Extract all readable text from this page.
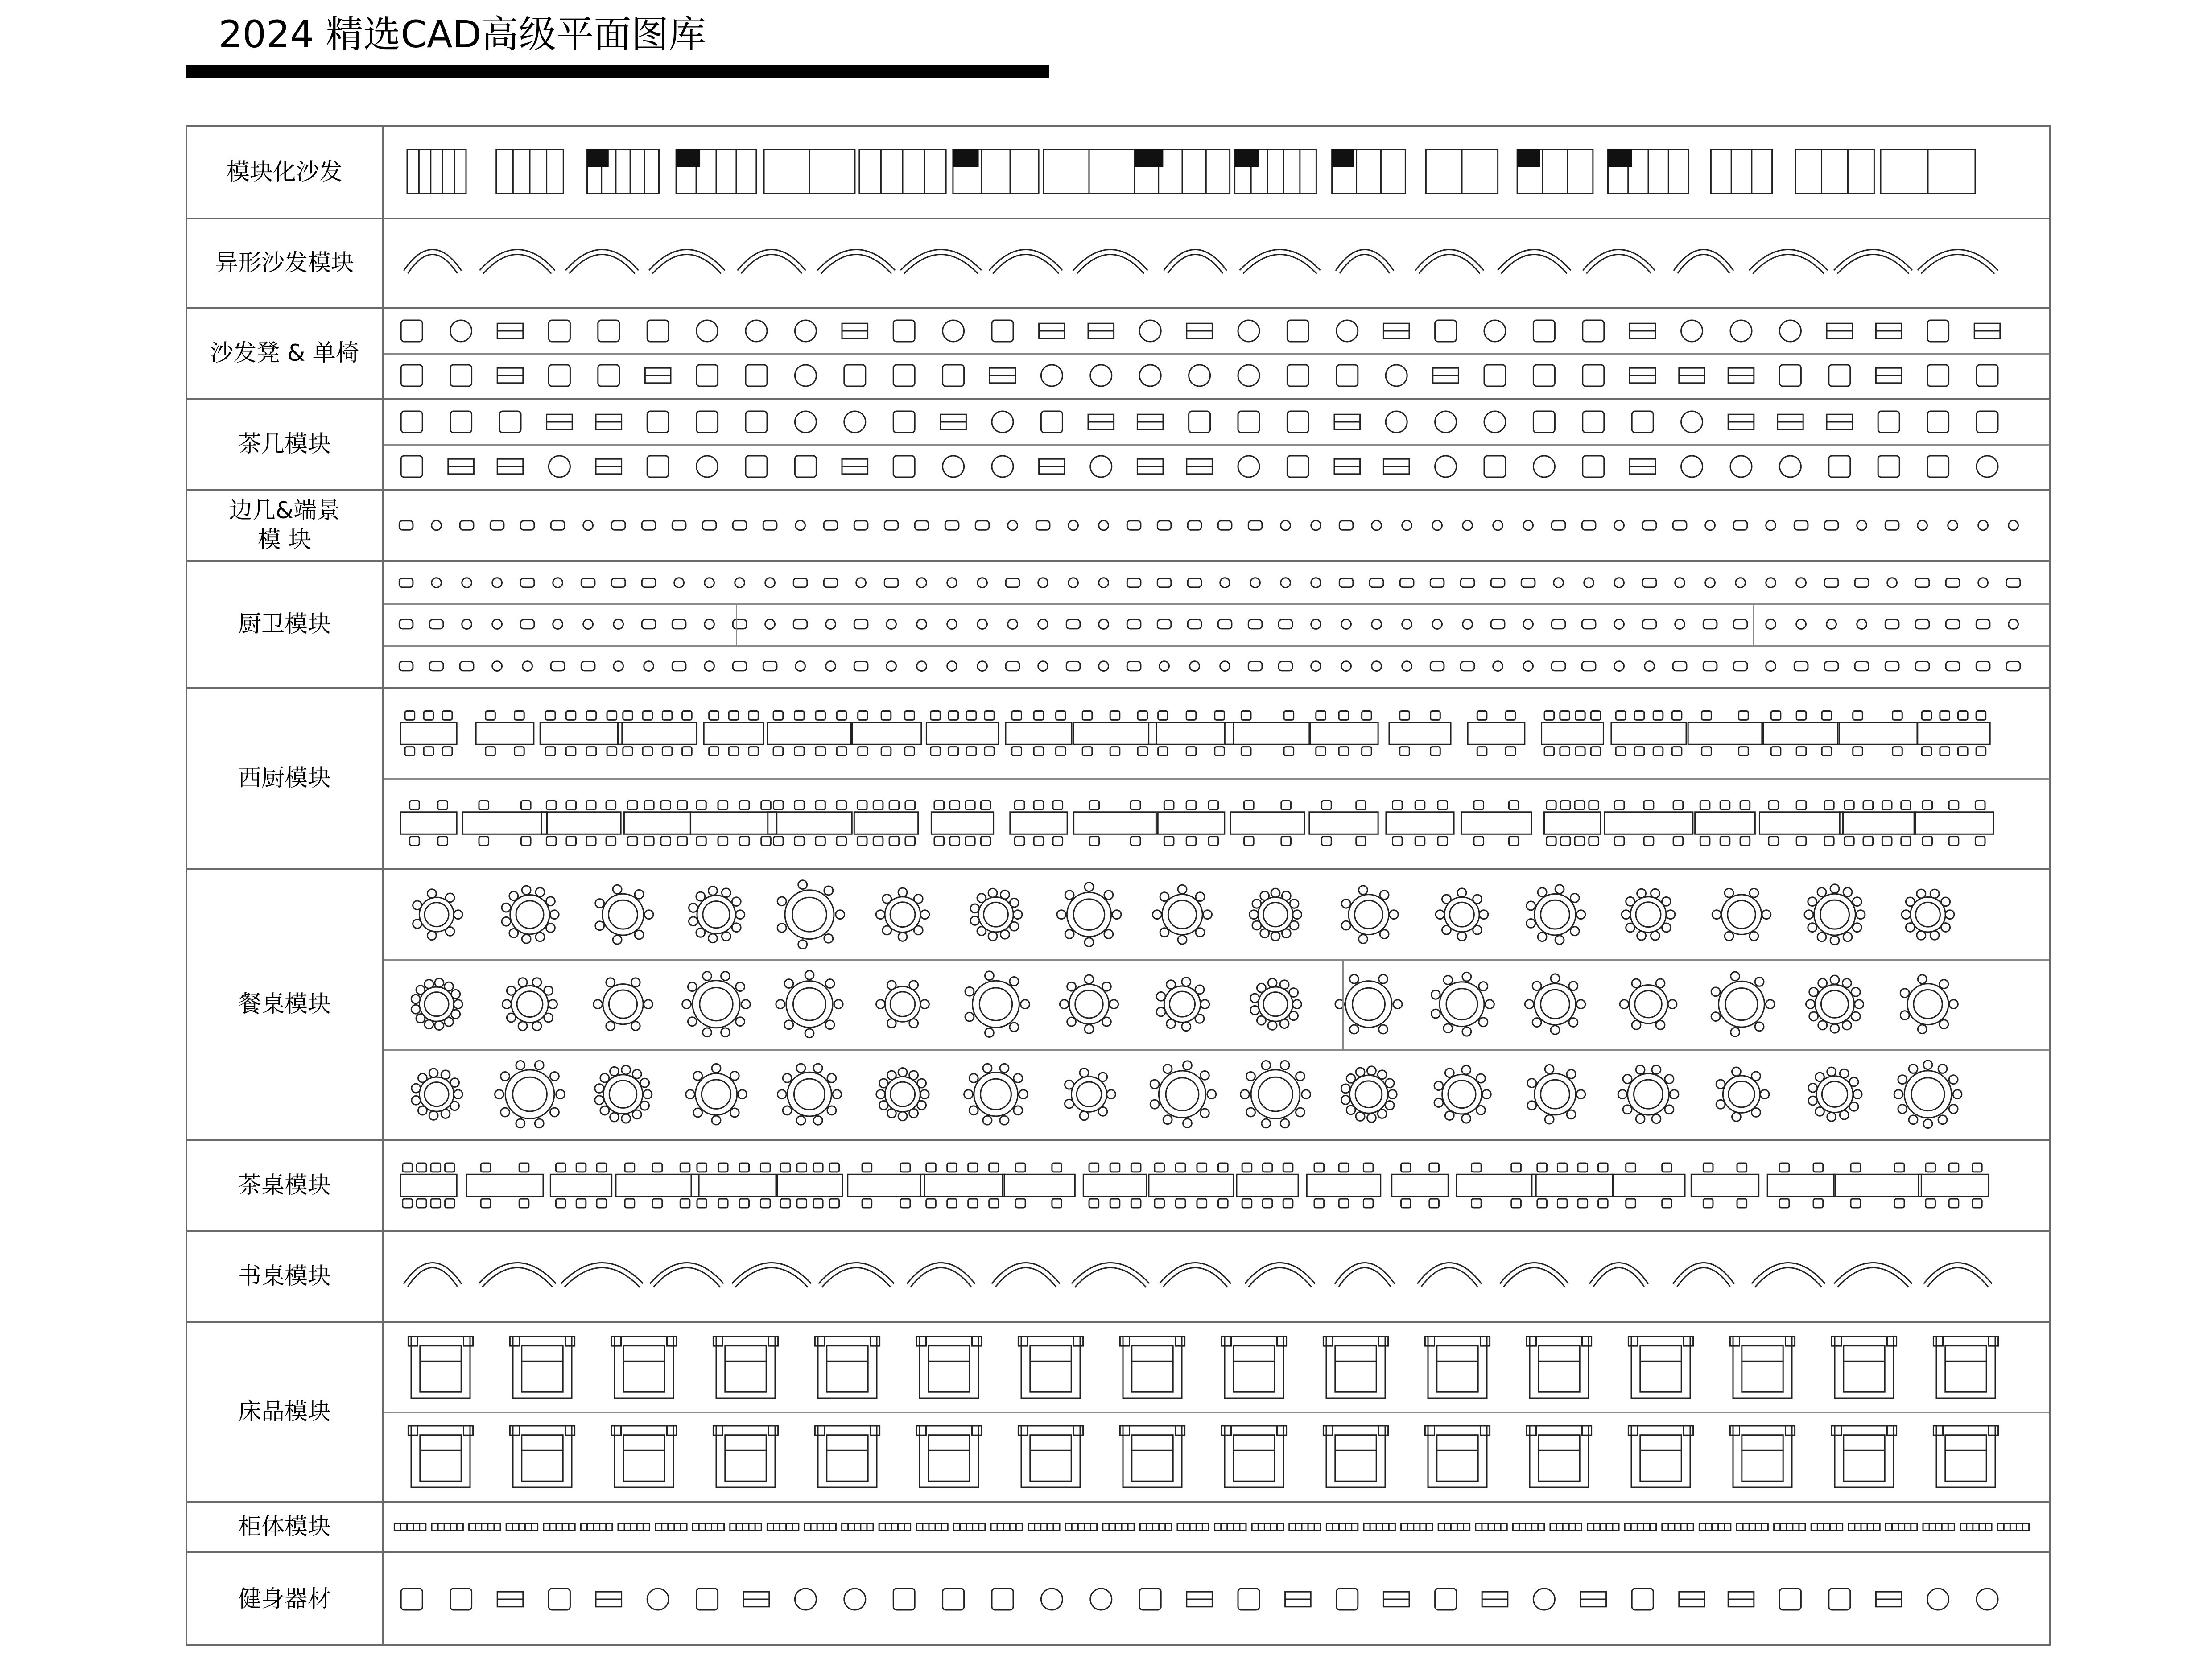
2024 精选CAD高级平面图库
模块化沙发
异形沙发模块
沙发凳 & 单椅
茶几模块
边几&端景
模 块
厨卫模块
西厨模块
餐桌模块
茶桌模块
书桌模块
床品模块
柜体模块
健身器材
